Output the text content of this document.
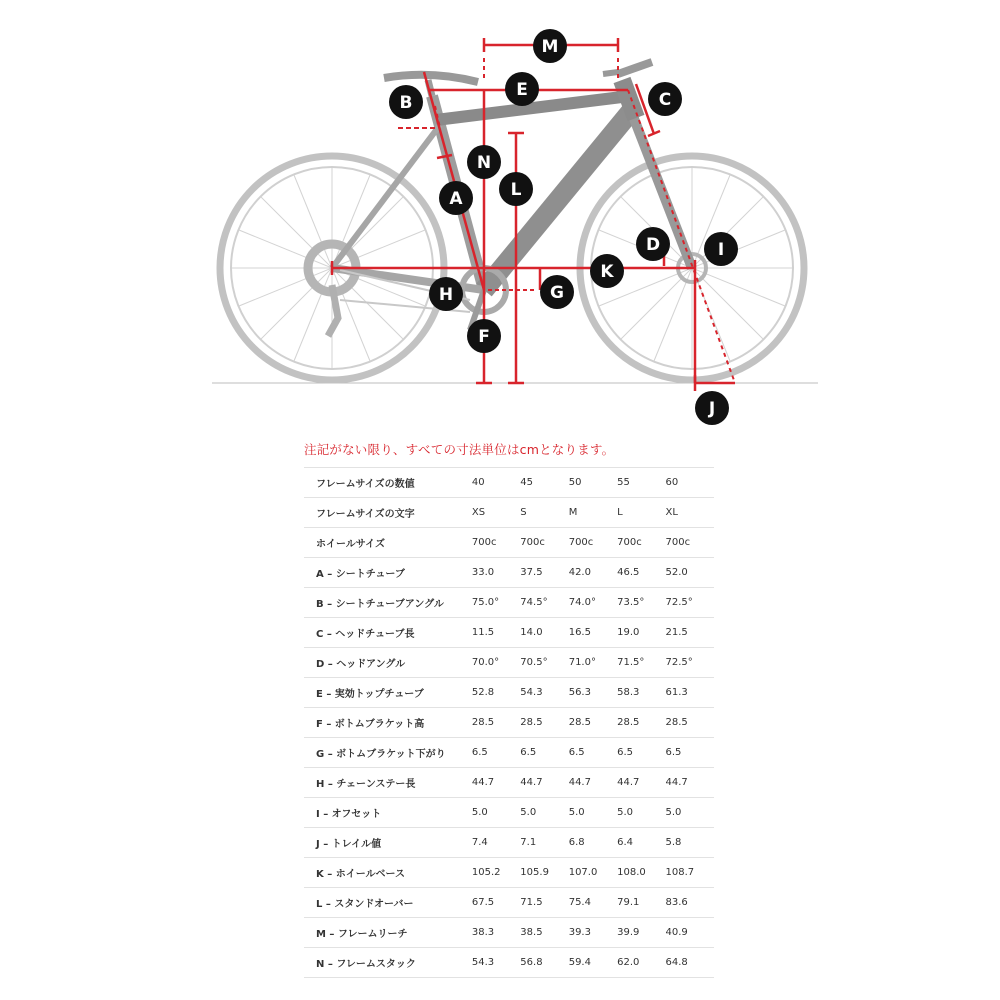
M
E	C
B
N
L
A
D	I
K
G
H
F
J
注記がない限り、すべての寸法単位はcmとなります。
フレームサイズの数値	40	45	50	55	60
フレームサイズの文字	XS	S	M	L	XL
ホイールサイズ	700c	700c	700c	700c	700c
A – シートチューブ	33.0	37.5	42.0	46.5	52.0
B – シートチューブアングル	75.0°	74.5°	74.0°	73.5°	72.5°
C – ヘッドチューブ長	11.5	14.0	16.5	19.0	21.5
D – ヘッドアングル	70.0°	70.5°	71.0°	71.5°	72.5°
E – 実効トップチューブ	52.8	54.3	56.3	58.3	61.3
F – ボトムブラケット高	28.5	28.5	28.5	28.5	28.5
G – ボトムブラケット下がり	6.5	6.5	6.5	6.5	6.5
H – チェーンステー長	44.7	44.7	44.7	44.7	44.7
I – オフセット	5.0	5.0	5.0	5.0	5.0
J – トレイル値	7.4	7.1	6.8	6.4	5.8
K – ホイールベース	105.2	105.9	107.0	108.0	108.7
L – スタンドオーバー	67.5	71.5	75.4	79.1	83.6
M – フレームリーチ	38.3	38.5	39.3	39.9	40.9
N – フレームスタック	54.3	56.8	59.4	62.0	64.8
